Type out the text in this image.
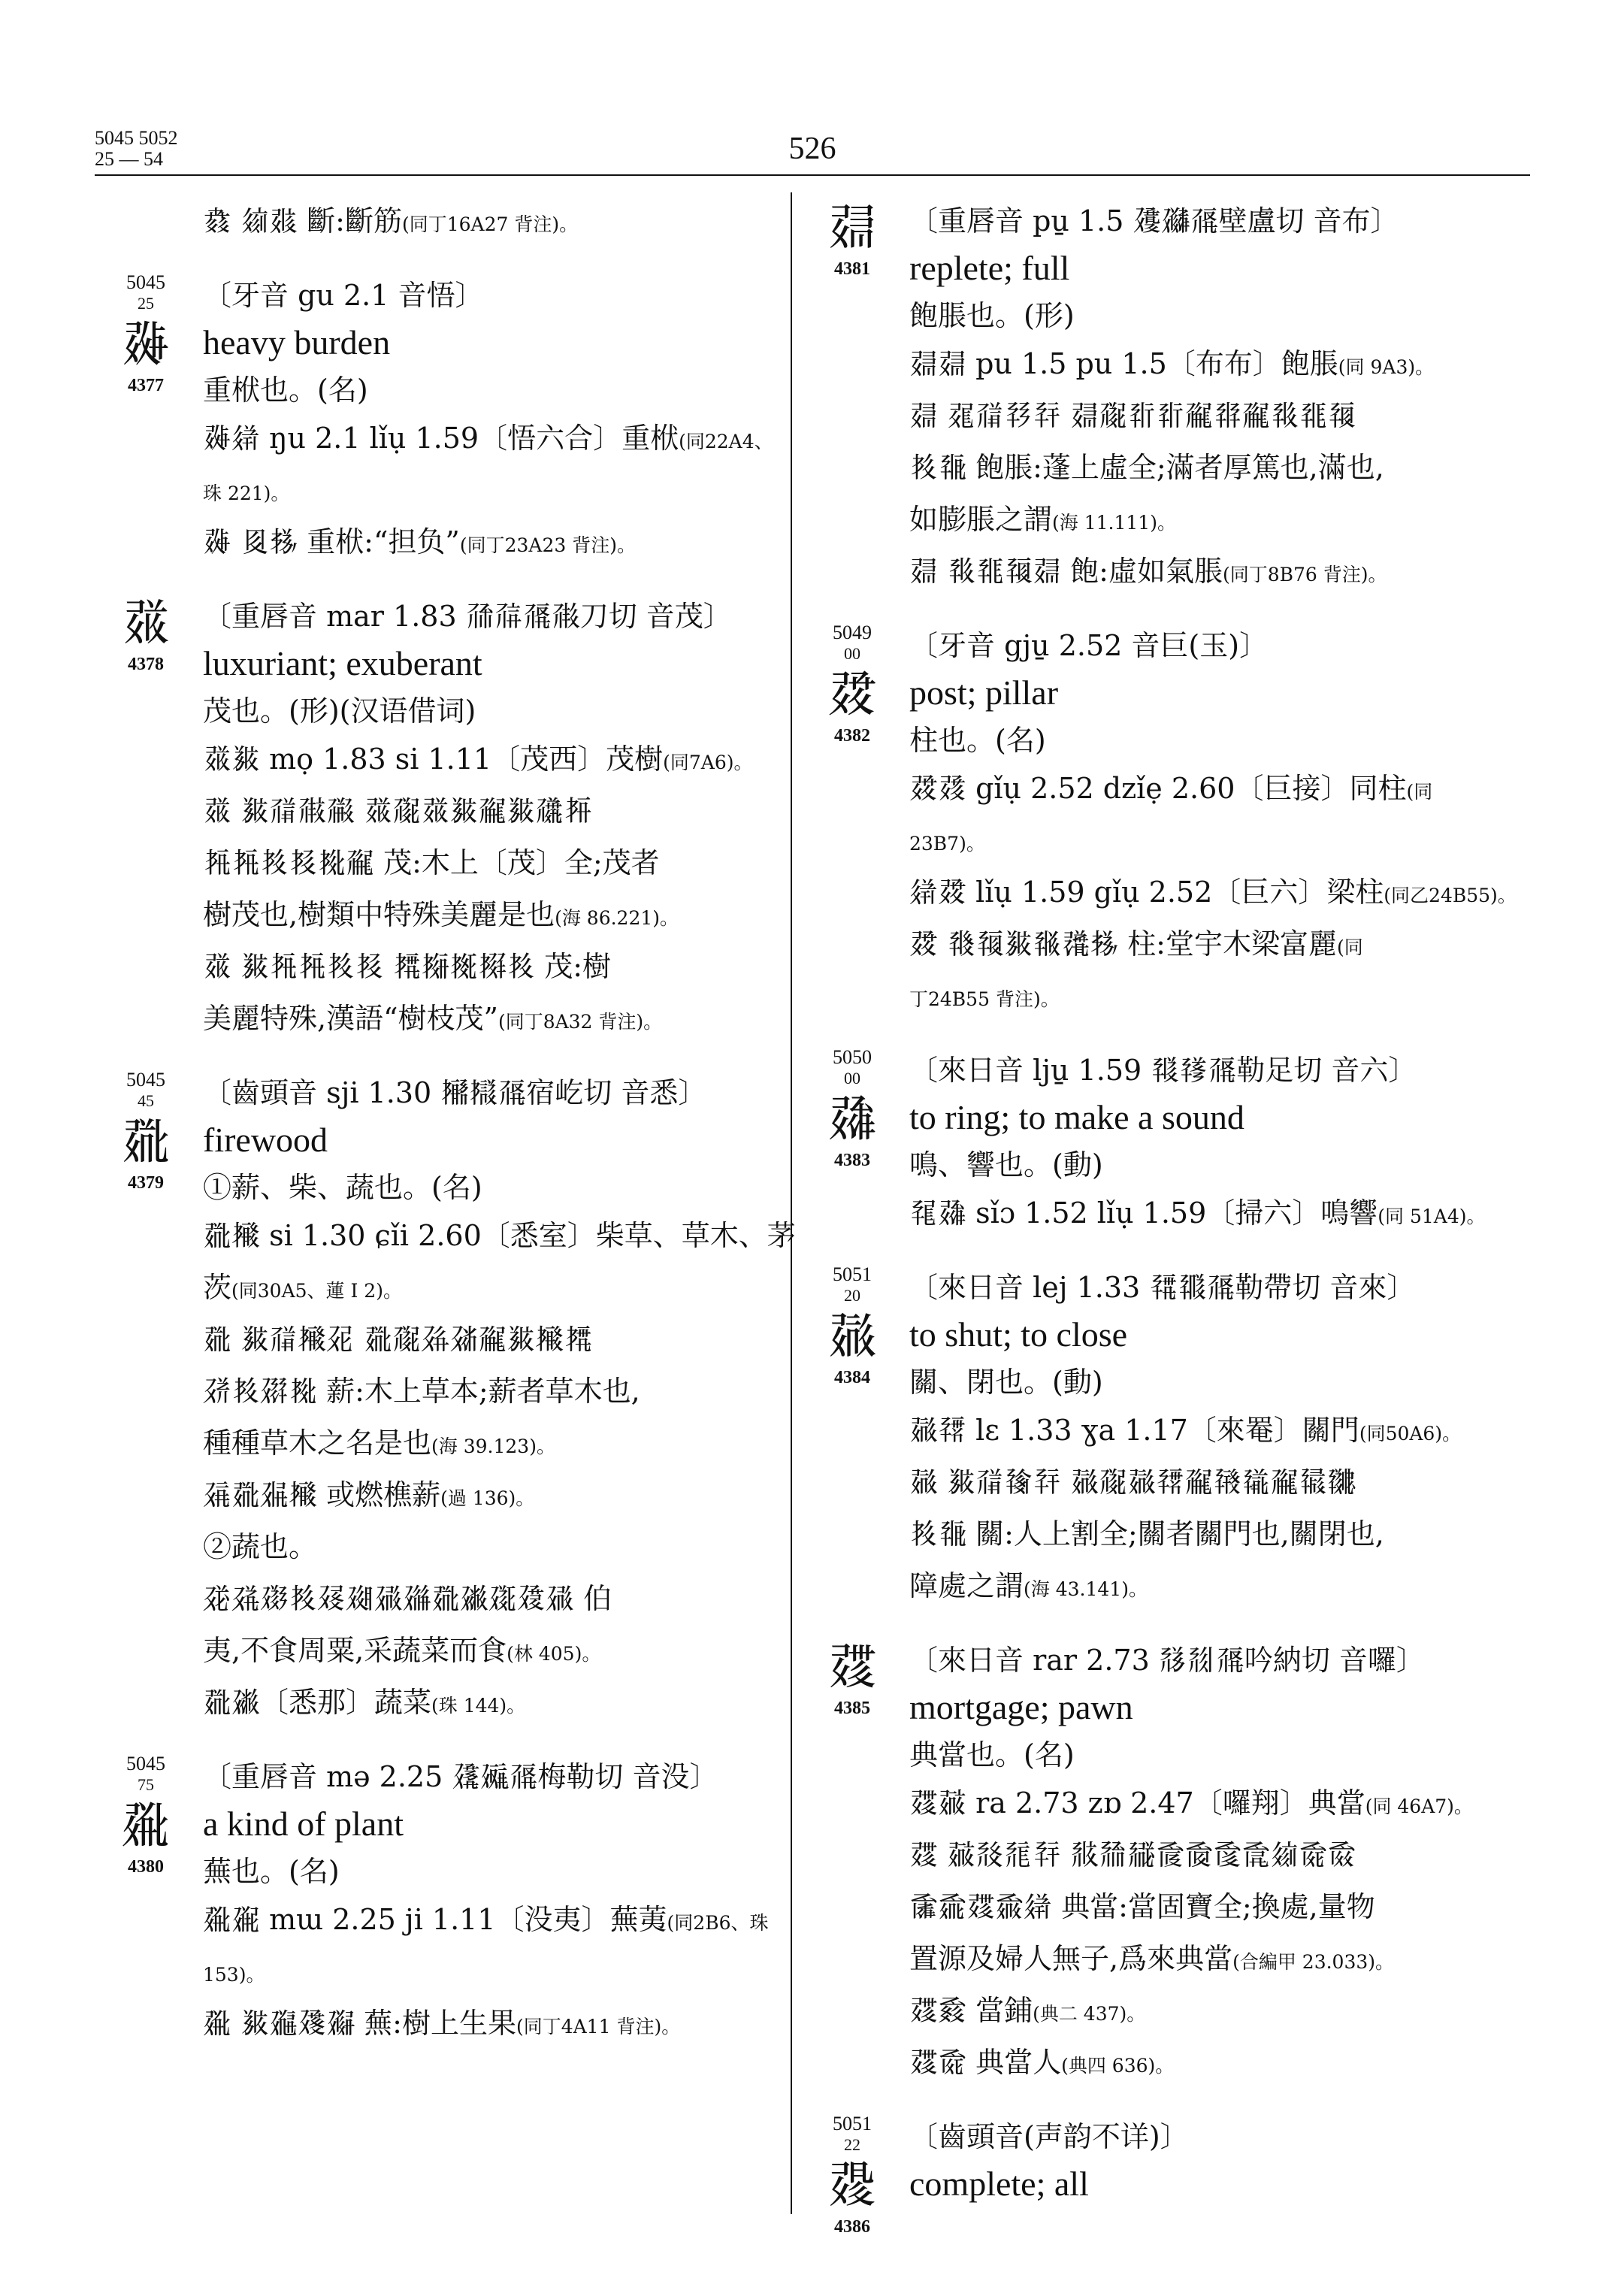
5045 5052
25 — 54	526
𘇐 𗦻𘅍 斷:斷筋(同丁16A27 背注)。
5045
25
𘅐
4377
〔牙音 gu 2.1 音悟〕
heavy burden
重栿也。(名)
𘅐𗧉 ŋu 2.1 lǐụ 1.59〔悟六合〕重栿(同22A4、
珠 221)。
𘅐 𘉋𗈪 重栿:“担负”(同丁23A23 背注)。
𘅑
4378
〔重唇音 mar 1.83 𗗙𗗚𗗛𗗜刀切 音茂〕
luxuriant; exuberant
茂也。(形)(汉语借词)
𘅑𗯴 mọ 1.83 si 1.11〔茂西〕茂樹(同7A6)。
𘅑 𗯴𗗝𗗞𗗟 𘅑𗗠𘅑𗯴𗗡𗯴𗗢𗗣
𗗤𗗤𗗥𗗦𗗧𗗡 茂:木上〔茂〕全;茂者
樹茂也,樹類中特殊美麗是也(海 86.221)。
𘅑 𗯴𗗤𗗤𗗥𗗦 𗗨𗗩𗗪𗗫𗗥 茂:樹
美麗特殊,漢語“樹枝茂”(同丁8A32 背注)。
5045
45
𘅒
4379
〔齒頭音 sji 1.30 𗗬𗗭𗗛宿屹切 音悉〕
firewood
①薪、柴、蔬也。(名)
𘅒𗗮 si 1.30 ɕǐi 2.60〔悉室〕柴草、草木、茅
茨(同30A5、蓮 I 2)。
𘅒 𗯴𗗝𗗮𗗯 𘅒𗗠𗗰𗗱𗗡𗯴𗗮𗗨
𗗲𗗥𗗳𗗧 薪:木上草本;薪者草木也,
種種草木之名是也(海 39.123)。
𗗴𘅒𗗵𗗮 或燃樵薪(過 136)。
②蔬也。
𗗶𗗷𗗸𗗥𗗹𗗺𗗻𗗼𘅒𗗽𗗾𗗿𗗻 伯
夷,不食周粟,采蔬菜而食(林 405)。
𘅒𗗽〔悉那〕蔬菜(珠 144)。
5045
75
𘅓
4380
〔重唇音 mə 2.25 𗘀𗘁𗗛梅勒切 音没〕
a kind of plant
蕪也。(名)
𘅓𗘂 mɯ 2.25 ji 1.11〔没夷〕蕪荑(同2B6、珠
153)。
𘅓 𗯴𗘃𗘄𗘅 蕪:樹上生果(同丁4A11 背注)。
𘅔
4381
〔重唇音 pu̱ 1.5 𗘆𗘇𗗛壁盧切 音布〕
replete; full
飽脹也。(形)
𘅔𘅔 pu 1.5 pu 1.5〔布布〕飽脹(同 9A3)。
𘅔 𘅕𗗝𗘈𗘉 𘅔𗗠𗘊𗘊𗗡𗘋𗗡𗘌𗘍𗘎
𗗥𗘏 飽脹:蓬上虛全;滿者厚篤也,滿也,
如膨脹之謂(海 11.111)。
𘅔 𗘌𗘍𗘎𘅔 飽:虛如氣脹(同丁8B76 背注)。
5049
00
𘅖
4382
〔牙音 gju̱ 2.52 音巨(玉)〕
post; pillar
柱也。(名)
𘅖𘅗 gǐụ 2.52 dzǐẹ 2.60〔巨接〕同柱(同
23B7)。
𗧉𘅖 lǐụ 1.59 gǐụ 2.52〔巨六〕梁柱(同乙24B55)。
𘅖 𗘐𗘎𗯴𗘑𗗈𗈪 柱:堂宇木梁富麗(同
丁24B55 背注)。
5050
00
𘅘
4383
〔來日音 lju̱ 1.59 𗘒𗘓𗗛勒足切 音六〕
to ring; to make a sound
鳴、響也。(動)
𗘔𘅘 sǐɔ 1.52 lǐụ 1.59〔掃六〕鳴響(同 51A4)。
5051
20
𘅙
4384
〔來日音 lej 1.33 𗘕𗘖𗗛勒帶切 音來〕
to shut; to close
關、閉也。(動)
𘅙𗘗 lɛ 1.33 ɣa 1.17〔來罨〕關門(同50A6)。
𘅙 𗯴𗗝𗘘𗘉 𘅙𗗠𘅙𗘗𗗡𗘙𗘚𗗡𗘛𗘜
𗗥𗘏 關:人上割全;關者關門也,關閉也,
障處之謂(海 43.141)。
𘅚
4385
〔來日音 rar 2.73 𗘝𗘞𗗛吟納切 音囉〕
mortgage; pawn
典當也。(名)
𘅚𘅛 ra 2.73 zɒ 2.47〔囉翔〕典當(同 46A7)。
𘅚 𘅛𗘟𗘠𗘉 𗘡𗘢𗘣𗘤𗘥𗘦𗘧𗦻𗘨𗘩
𗘪𗘫𘅚𗘬𗧉 典當:當固寶全;換處,量物
置源及婦人無子,爲來典當(合編甲 23.033)。
𘅚𗘭 當鋪(典二 437)。
𘅚𗘨 典當人(典四 636)。
5051
22
𘅜
4386
〔齒頭音(声韵不详)〕
complete; all
